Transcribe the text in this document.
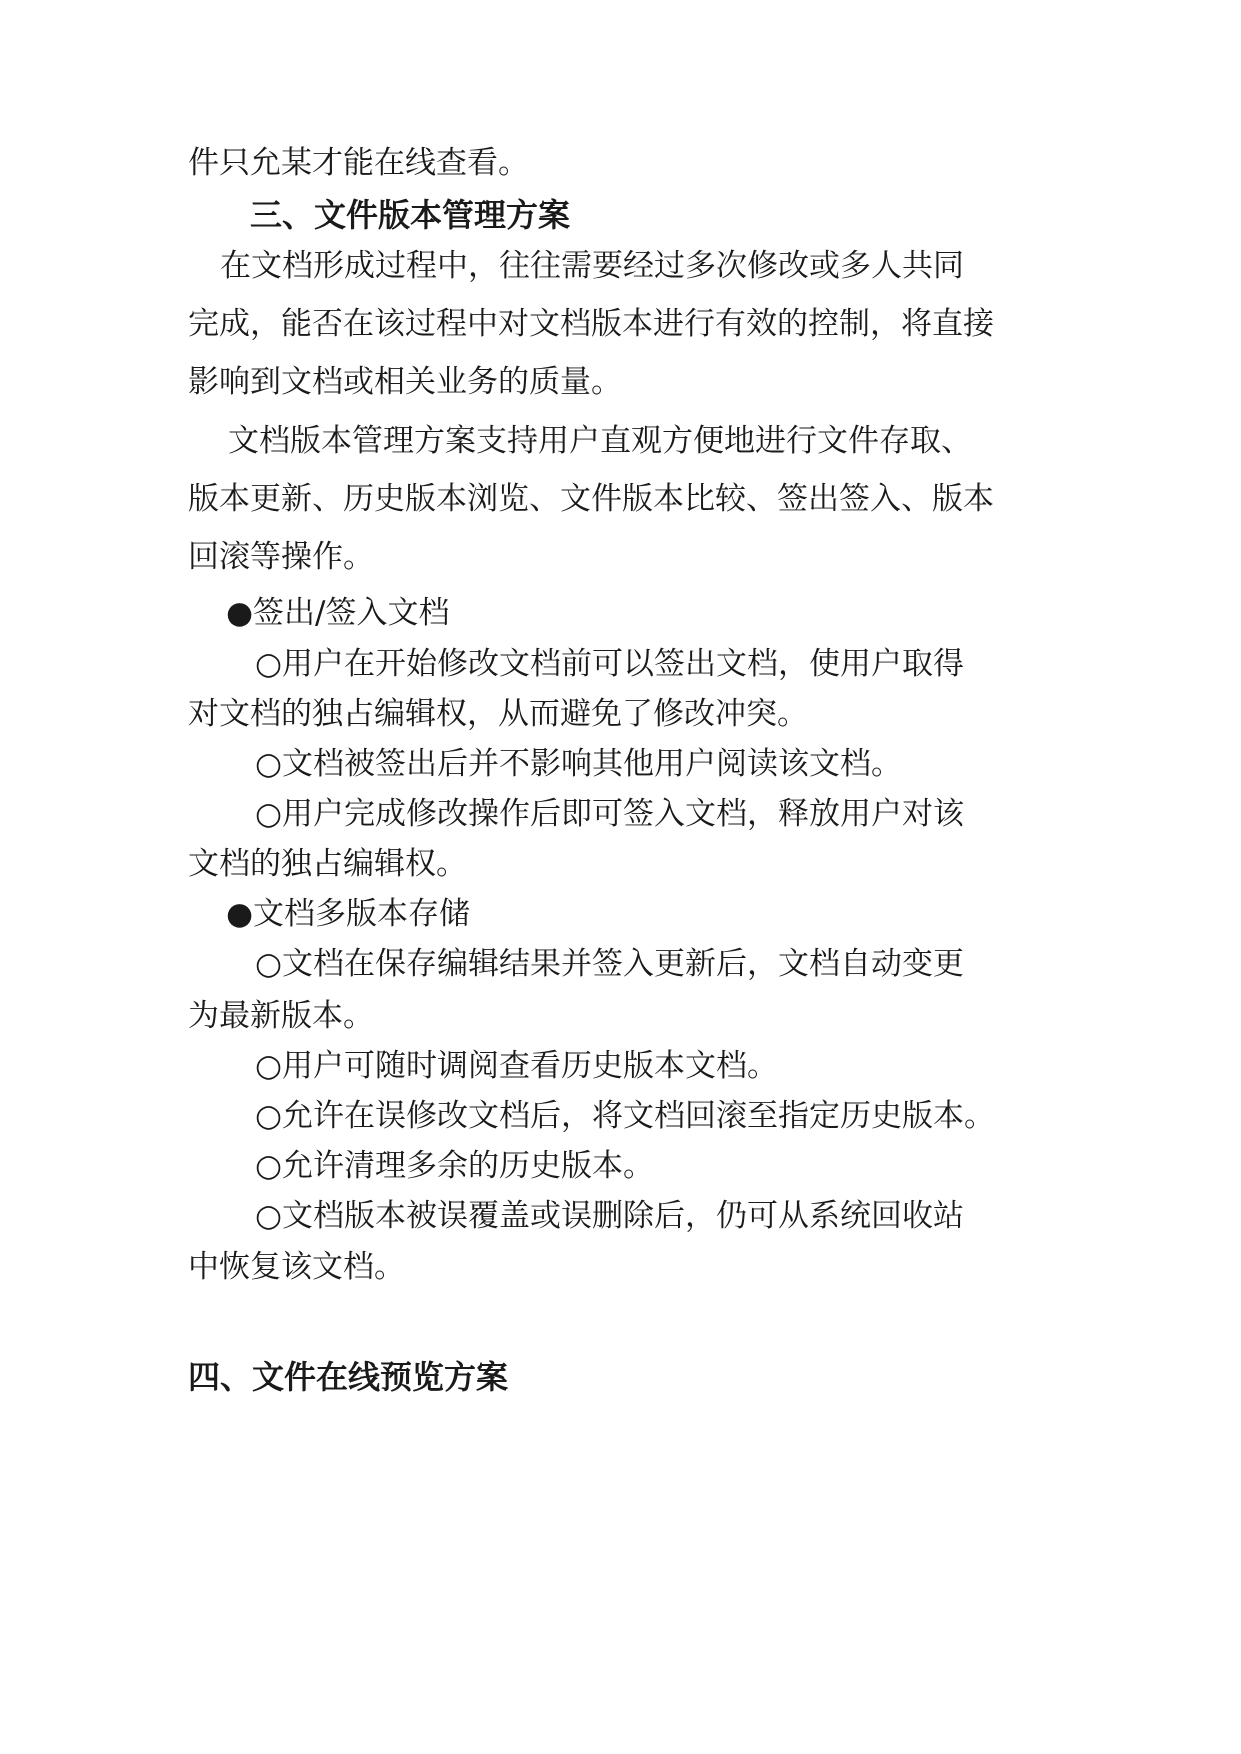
件只允某才能在线查看。
三、文件版本管理方案
在文档形成过程中，往往需要经过多次修改或多人共同
完成，能否在该过程中对文档版本进行有效的控制，将直接
影响到文档或相关业务的质量。
文档版本管理方案支持用户直观方便地进行文件存取、
版本更新、历史版本浏览、文件版本比较、签出签入、版本
回滚等操作。
●签出/签入文档
○用户在开始修改文档前可以签出文档，使用户取得
对文档的独占编辑权，从而避免了修改冲突。
○文档被签出后并不影响其他用户阅读该文档。
○用户完成修改操作后即可签入文档，释放用户对该
文档的独占编辑权。
●文档多版本存储
○文档在保存编辑结果并签入更新后，文档自动变更
为最新版本。
○用户可随时调阅查看历史版本文档。
○允许在误修改文档后，将文档回滚至指定历史版本。
○允许清理多余的历史版本。
○文档版本被误覆盖或误删除后，仍可从系统回收站
中恢复该文档。
四、文件在线预览方案
